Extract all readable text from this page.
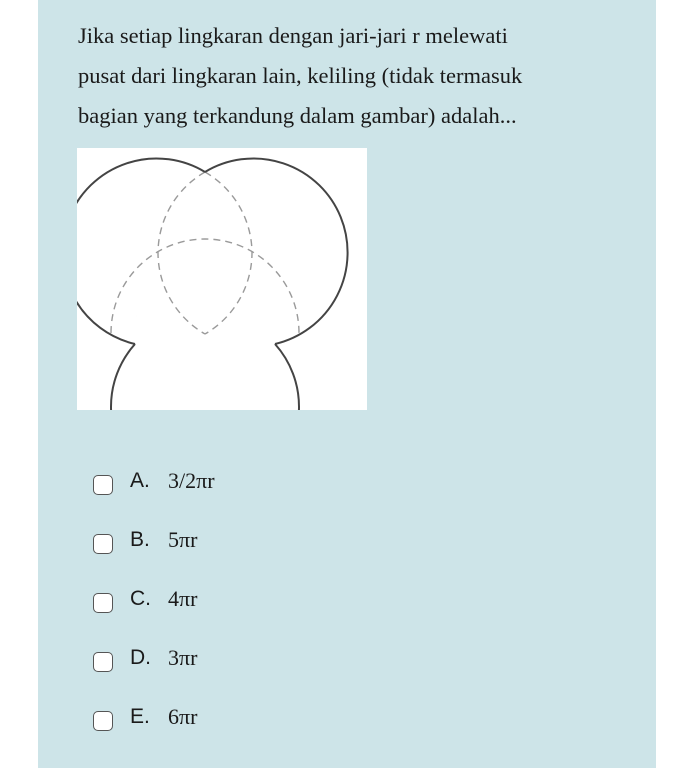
Jika setiap lingkaran dengan jari-jari r melewati
pusat dari lingkaran lain, keliling (tidak termasuk
bagian yang terkandung dalam gambar) adalah...

A. 3/2πr
B. 5πr
C. 4πr
D. 3πr
E. 6πr
